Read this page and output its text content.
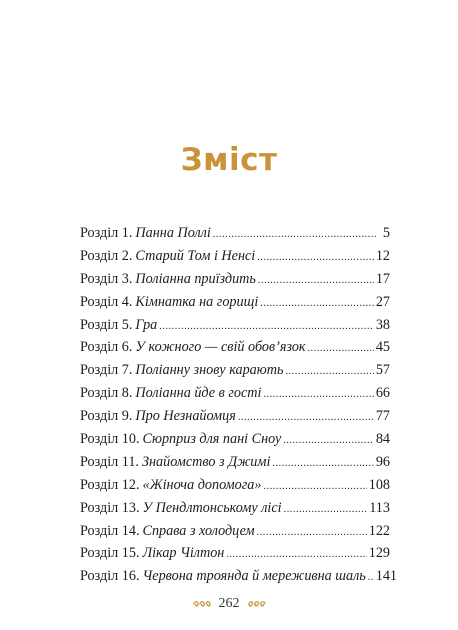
Зміст
Розділ 1. Панна Поллі .....	5
Розділ 2. Старий Том і Ненсі .....	12
Розділ 3. Поліанна приїздить .....	17
Розділ 4. Кімнатка на горищі .....	27
Розділ 5. Гра .....	38
Розділ 6. У кожного — свій обов’язок .....	45
Розділ 7. Поліанну знову карають .....	57
Розділ 8. Поліанна йде в гості .....	66
Розділ 9. Про Незнайомця .....	77
Розділ 10. Сюрприз для пані Сноу .....	84
Розділ 11. Знайомство з Джимі .....	96
Розділ 12. «Жіноча допомога» .....	108
Розділ 13. У Пендлтонському лісі .....	113
Розділ 14. Справа з холодцем .....	122
Розділ 15. Лікар Чілтон .....	129
Розділ 16. Червона троянда й мереживна шаль ..... 141
262
